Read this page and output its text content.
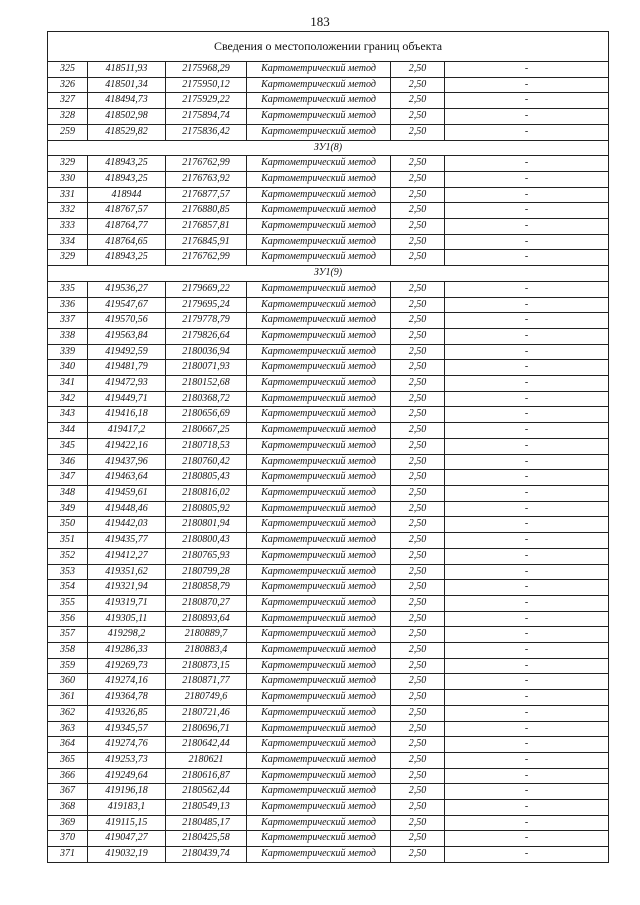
183
Сведения о местоположении границ объекта					
325	418511,93	2175968,29	Картометрический метод	2,50	-
326	418501,34	2175950,12	Картометрический метод	2,50	-
327	418494,73	2175929,22	Картометрический метод	2,50	-
328	418502,98	2175894,74	Картометрический метод	2,50	-
259	418529,82	2175836,42	Картометрический метод	2,50	-
ЗУ1(8)					
329	418943,25	2176762,99	Картометрический метод	2,50	-
330	418943,25	2176763,92	Картометрический метод	2,50	-
331	418944	2176877,57	Картометрический метод	2,50	-
332	418767,57	2176880,85	Картометрический метод	2,50	-
333	418764,77	2176857,81	Картометрический метод	2,50	-
334	418764,65	2176845,91	Картометрический метод	2,50	-
329	418943,25	2176762,99	Картометрический метод	2,50	-
ЗУ1(9)					
335	419536,27	2179669,22	Картометрический метод	2,50	-
336	419547,67	2179695,24	Картометрический метод	2,50	-
337	419570,56	2179778,79	Картометрический метод	2,50	-
338	419563,84	2179826,64	Картометрический метод	2,50	-
339	419492,59	2180036,94	Картометрический метод	2,50	-
340	419481,79	2180071,93	Картометрический метод	2,50	-
341	419472,93	2180152,68	Картометрический метод	2,50	-
342	419449,71	2180368,72	Картометрический метод	2,50	-
343	419416,18	2180656,69	Картометрический метод	2,50	-
344	419417,2	2180667,25	Картометрический метод	2,50	-
345	419422,16	2180718,53	Картометрический метод	2,50	-
346	419437,96	2180760,42	Картометрический метод	2,50	-
347	419463,64	2180805,43	Картометрический метод	2,50	-
348	419459,61	2180816,02	Картометрический метод	2,50	-
349	419448,46	2180805,92	Картометрический метод	2,50	-
350	419442,03	2180801,94	Картометрический метод	2,50	-
351	419435,77	2180800,43	Картометрический метод	2,50	-
352	419412,27	2180765,93	Картометрический метод	2,50	-
353	419351,62	2180799,28	Картометрический метод	2,50	-
354	419321,94	2180858,79	Картометрический метод	2,50	-
355	419319,71	2180870,27	Картометрический метод	2,50	-
356	419305,11	2180893,64	Картометрический метод	2,50	-
357	419298,2	2180889,7	Картометрический метод	2,50	-
358	419286,33	2180883,4	Картометрический метод	2,50	-
359	419269,73	2180873,15	Картометрический метод	2,50	-
360	419274,16	2180871,77	Картометрический метод	2,50	-
361	419364,78	2180749,6	Картометрический метод	2,50	-
362	419326,85	2180721,46	Картометрический метод	2,50	-
363	419345,57	2180696,71	Картометрический метод	2,50	-
364	419274,76	2180642,44	Картометрический метод	2,50	-
365	419253,73	2180621	Картометрический метод	2,50	-
366	419249,64	2180616,87	Картометрический метод	2,50	-
367	419196,18	2180562,44	Картометрический метод	2,50	-
368	419183,1	2180549,13	Картометрический метод	2,50	-
369	419115,15	2180485,17	Картометрический метод	2,50	-
370	419047,27	2180425,58	Картометрический метод	2,50	-
371	419032,19	2180439,74	Картометрический метод	2,50	-
